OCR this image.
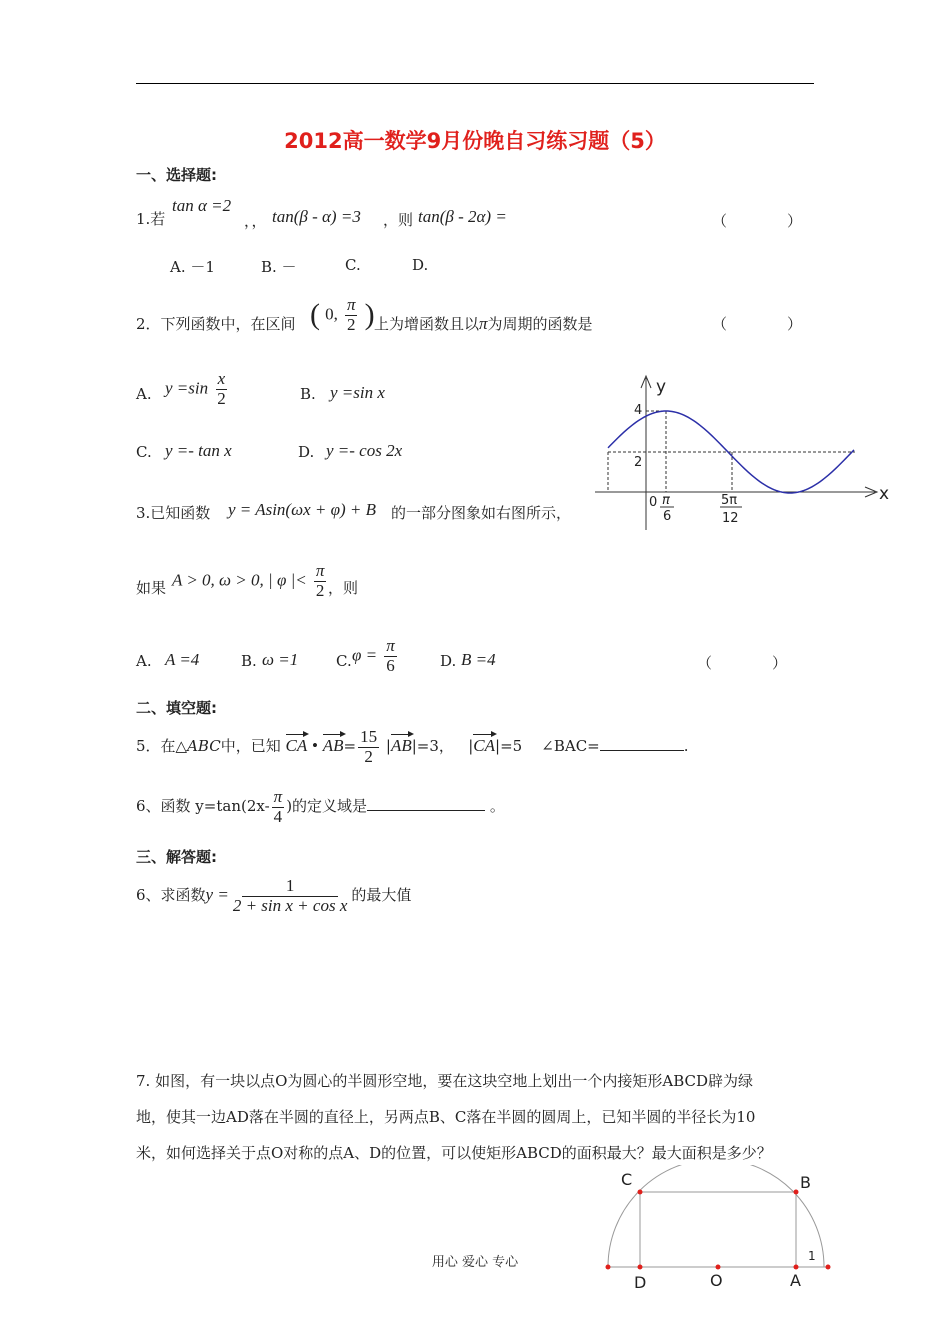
2012高一数学9月份晚自习练习题（5）
一、选择题:
1.若
tan α =2
，， tan(β - α) =3 ，则 tan(β - 2α) =	（　　　　）
A. －1	B. －	C.	D.
2．下列函数中，在区间 ( 0, $\frac{\pi}{2}$ ) 上为增函数且以π为周期的函数是	（　　　　）
A. $y =\sin \frac{x}{2}$	B. y =sin x
C. y =- tan x	D. y =- cos 2x
y
x
4
2
0 π
6
5π
12
3.已知函数 y = Asin(ωx + φ) + B 的一部分图象如右图所示，
如果 A > 0, ω > 0, | φ |< $\frac{\pi}{2}$ ，则
A. A =4	B. ω =1	C. $\varphi = \frac{\pi}{6}$	D. B =4	（　　　　）
二、填空题:
5．在△ABC中，已知 CA • $AB= \frac{15}{2} |AB|=3$， |CA|=5 ∠BAC=	.
6、函数 $y=\tan(2x- \frac{\pi}{4}$ )的定义域是	。
三、解答题:
6、求函数$y = \frac{1}{\text{2 + sin x + cos x}}$ 的最大值
7. 如图，有一块以点O为圆心的半圆形空地，要在这块空地上划出一个内接矩形ABCD辟为绿
地，使其一边AD落在半圆的直径上，另两点B、C落在半圆的圆周上，已知半圆的半径长为10
米，如何选择关于点O对称的点A、D的位置，可以使矩形ABCD的面积最大？最大面积是多少？
C	B
D	O	A
1
用心 爱心 专心
